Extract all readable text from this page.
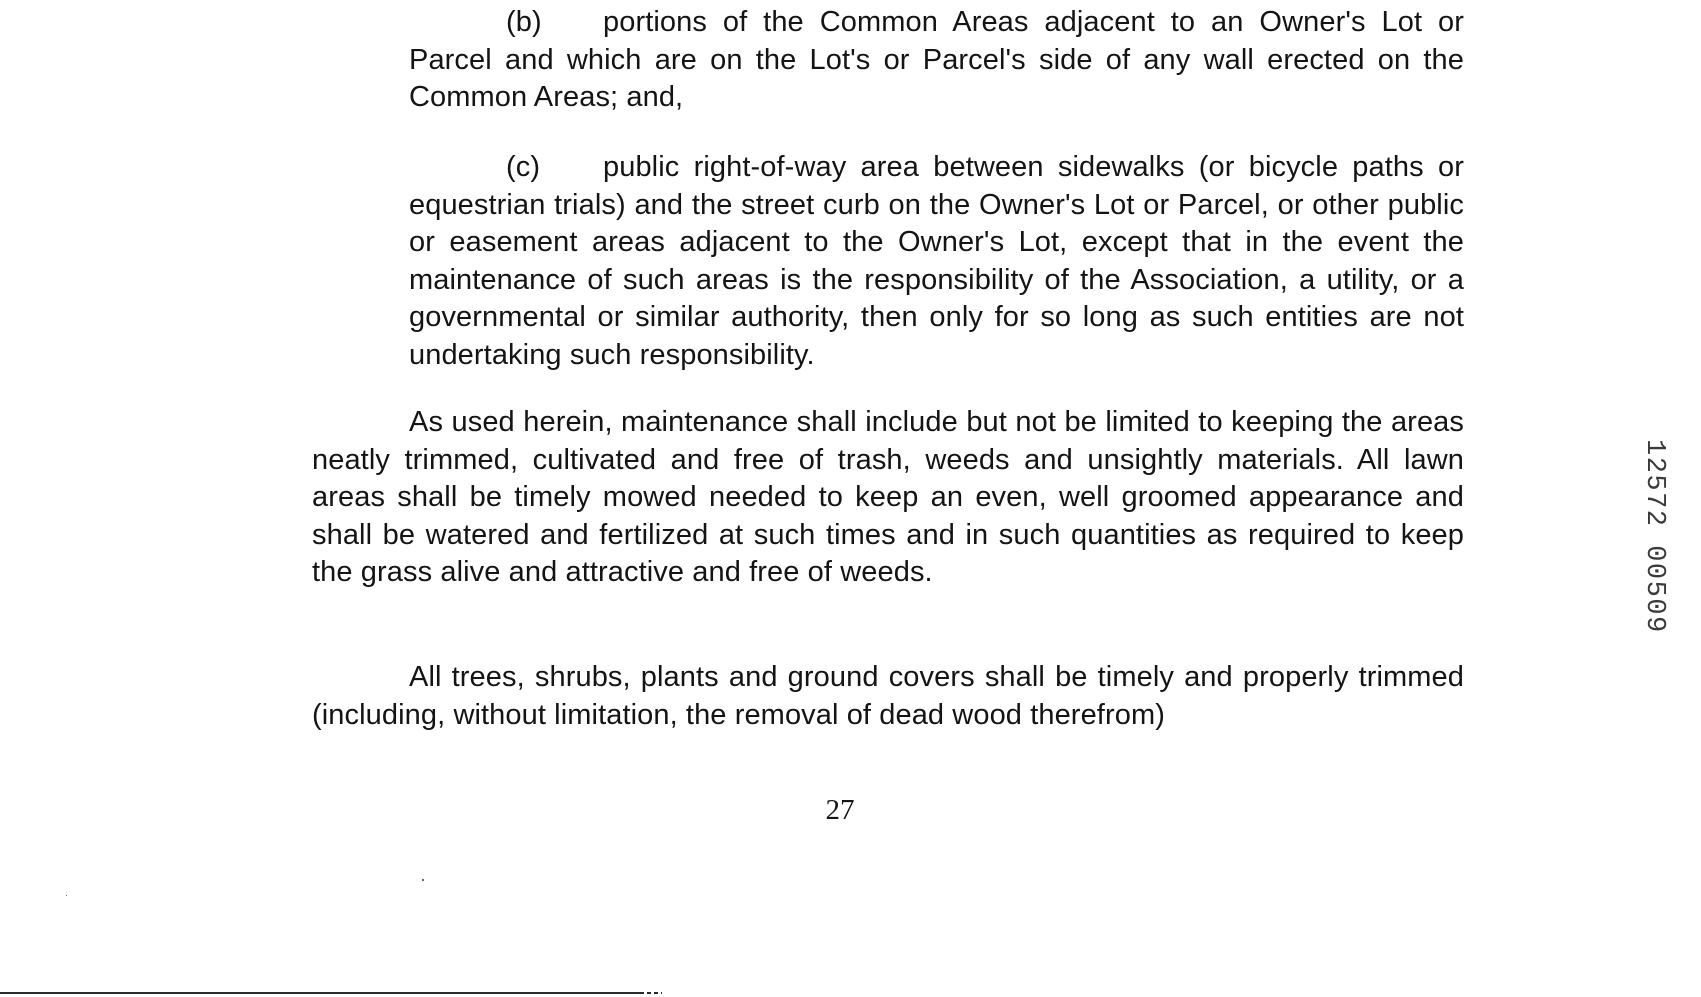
(b) portions of the Common Areas adjacent to an Owner's Lot or Parcel and which are on the Lot's or Parcel's side of any wall erected on the Common Areas; and,

(c) public right-of-way area between sidewalks (or bicycle paths or equestrian trials) and the street curb on the Owner's Lot or Parcel, or other public or easement areas adjacent to the Owner's Lot, except that in the event the maintenance of such areas is the responsibility of the Association, a utility, or a governmental or similar authority, then only for so long as such entities are not undertaking such responsibility.

As used herein, maintenance shall include but not be limited to keeping the areas neatly trimmed, cultivated and free of trash, weeds and unsightly materials. All lawn areas shall be timely mowed needed to keep an even, well groomed appearance and shall be watered and fertilized at such times and in such quantities as required to keep the grass alive and attractive and free of weeds.

All trees, shrubs, plants and ground covers shall be timely and properly trimmed (including, without limitation, the removal of dead wood therefrom)

27
12572 00509
